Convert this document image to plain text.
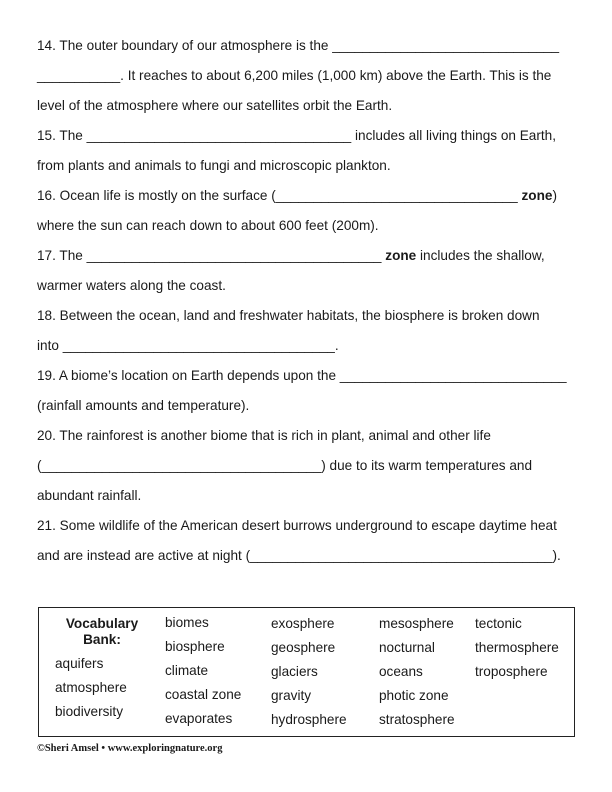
14. The outer boundary of our atmosphere is the ______________________________
___________. It reaches to about 6,200 miles (1,000 km) above the Earth. This is the
level of the atmosphere where our satellites orbit the Earth.
15. The ___________________________________ includes all living things on Earth,
from plants and animals to fungi and microscopic plankton.
16. Ocean life is mostly on the surface (________________________________ zone)
where the sun can reach down to about 600 feet (200m).
17. The _______________________________________ zone includes the shallow,
warmer waters along the coast.
18. Between the ocean, land and freshwater habitats, the biosphere is broken down
into ____________________________________.
19. A biome’s location on Earth depends upon the ______________________________
(rainfall amounts and temperature).
20. The rainforest is another biome that is rich in plant, animal and other life
(_____________________________________) due to its warm temperatures and
abundant rainfall.
21. Some wildlife of the American desert burrows underground to escape daytime heat
and are instead are active at night (________________________________________).
Vocabulary Bank:
aquifers
atmosphere
biodiversity
biomes
biosphere
climate
coastal zone
evaporates
exosphere
geosphere
glaciers
gravity
hydrosphere
mesosphere
nocturnal
oceans
photic zone
stratosphere
tectonic
thermosphere
troposphere
©Sheri Amsel • www.exploringnature.org
